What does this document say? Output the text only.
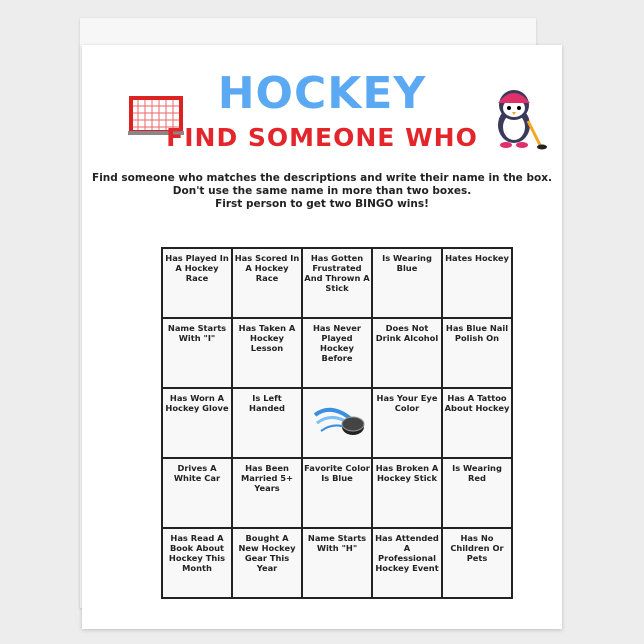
HOCKEY
FIND SOMEONE WHO
Find someone who matches the descriptions and write their name in the box.
Don't use the same name in more than two boxes.
First person to get two BINGO wins!
Has Played In A Hockey Race
Has Scored In A Hockey Race
Has Gotten Frustrated And Thrown A Stick
Is Wearing Blue
Hates Hockey
Name Starts With "I"
Has Taken A Hockey Lesson
Has Never Played Hockey Before
Does Not Drink Alcohol
Has Blue Nail Polish On
Has Worn A Hockey Glove
Is Left Handed
Has Your Eye Color
Has A Tattoo About Hockey
Drives A White Car
Has Been Married 5+ Years
Favorite Color Is Blue
Has Broken A Hockey Stick
Is Wearing Red
Has Read A Book About Hockey This Month
Bought A New Hockey Gear This Year
Name Starts With "H"
Has Attended A Professional Hockey Event
Has No Children Or Pets
